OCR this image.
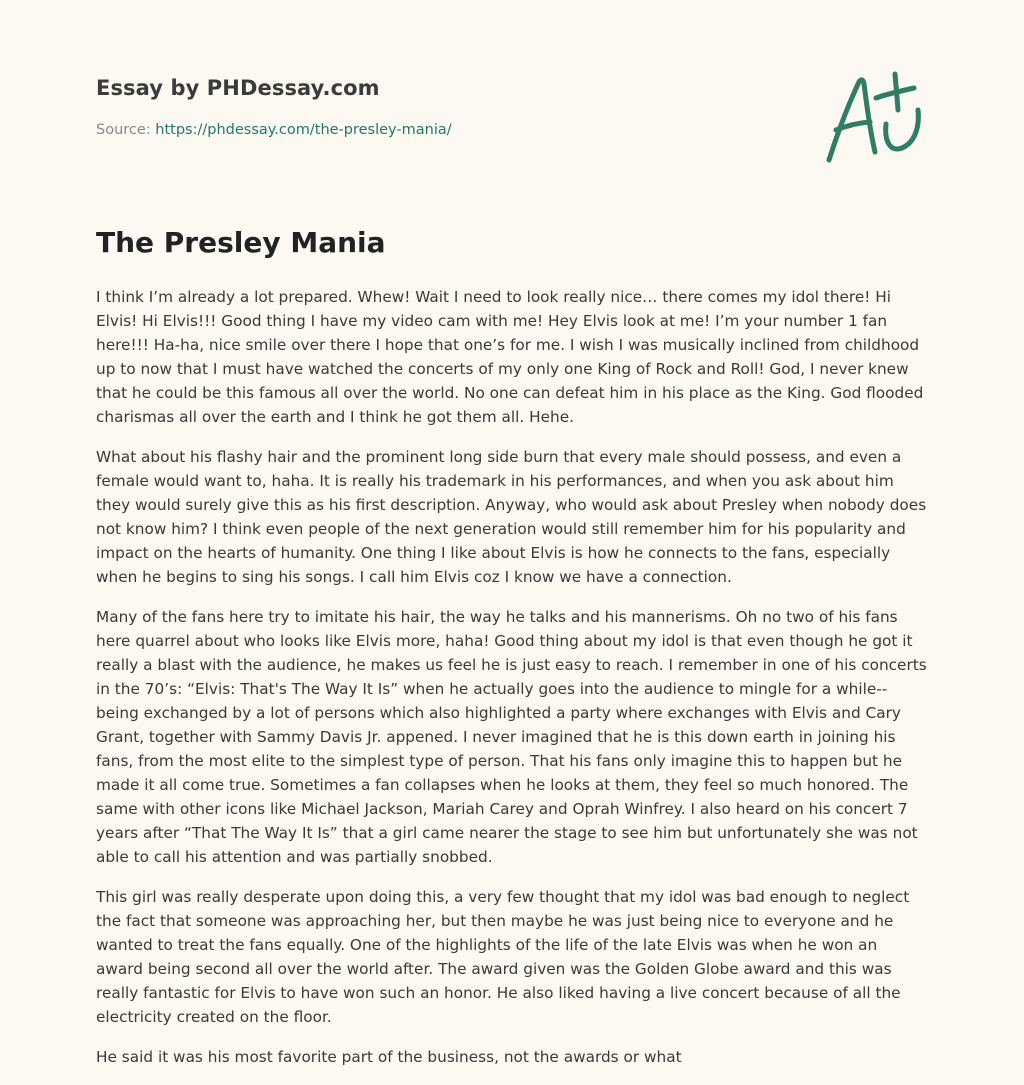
Essay by PHDessay.com
Source: https://phdessay.com/the-presley-mania/
The Presley Mania

I think I’m already a lot prepared. Whew! Wait I need to look really nice… there comes my idol there! Hi Elvis! Hi Elvis!!! Good thing I have my video cam with me! Hey Elvis look at me! I’m your number 1 fan here!!! Ha-ha, nice smile over there I hope that one’s for me. I wish I was musically inclined from childhood up to now that I must have watched the concerts of my only one King of Rock and Roll! God, I never knew that he could be this famous all over the world. No one can defeat him in his place as the King. God flooded charismas all over the earth and I think he got them all. Hehe.

What about his flashy hair and the prominent long side burn that every male should possess, and even a female would want to, haha. It is really his trademark in his performances, and when you ask about him they would surely give this as his first description. Anyway, who would ask about Presley when nobody does not know him? I think even people of the next generation would still remember him for his popularity and impact on the hearts of humanity. One thing I like about Elvis is how he connects to the fans, especially when he begins to sing his songs. I call him Elvis coz I know we have a connection.

Many of the fans here try to imitate his hair, the way he talks and his mannerisms. Oh no two of his fans here quarrel about who looks like Elvis more, haha! Good thing about my idol is that even though he got it really a blast with the audience, he makes us feel he is just easy to reach. I remember in one of his concerts in the 70’s: “Elvis: That's The Way It Is” when he actually goes into the audience to mingle for a while--being exchanged by a lot of persons which also highlighted a party where exchanges with Elvis and Cary Grant, together with Sammy Davis Jr. appened. I never imagined that he is this down earth in joining his fans, from the most elite to the simplest type of person. That his fans only imagine this to happen but he made it all come true. Sometimes a fan collapses when he looks at them, they feel so much honored. The same with other icons like Michael Jackson, Mariah Carey and Oprah Winfrey. I also heard on his concert 7 years after “That The Way It Is” that a girl came nearer the stage to see him but unfortunately she was not able to call his attention and was partially snobbed.

This girl was really desperate upon doing this, a very few thought that my idol was bad enough to neglect the fact that someone was approaching her, but then maybe he was just being nice to everyone and he wanted to treat the fans equally. One of the highlights of the life of the late Elvis was when he won an award being second all over the world after. The award given was the Golden Globe award and this was really fantastic for Elvis to have won such an honor. He also liked having a live concert because of all the electricity created on the floor.

He said it was his most favorite part of the business, not the awards or what
